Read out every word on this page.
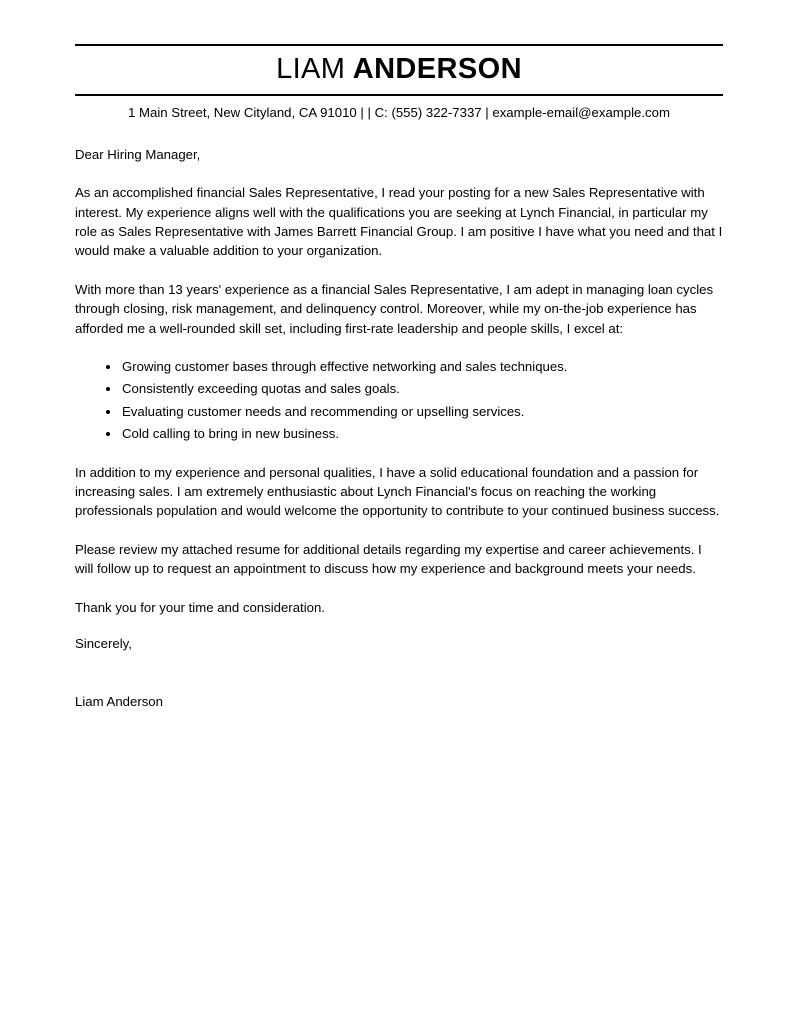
LIAM ANDERSON
1 Main Street, New Cityland, CA 91010 | | C: (555) 322-7337 | example-email@example.com

Dear Hiring Manager,

As an accomplished financial Sales Representative, I read your posting for a new Sales Representative with interest. My experience aligns well with the qualifications you are seeking at Lynch Financial, in particular my role as Sales Representative with James Barrett Financial Group. I am positive I have what you need and that I would make a valuable addition to your organization.

With more than 13 years' experience as a financial Sales Representative, I am adept in managing loan cycles through closing, risk management, and delinquency control. Moreover, while my on-the-job experience has afforded me a well-rounded skill set, including first-rate leadership and people skills, I excel at:

Growing customer bases through effective networking and sales techniques.
Consistently exceeding quotas and sales goals.
Evaluating customer needs and recommending or upselling services.
Cold calling to bring in new business.

In addition to my experience and personal qualities, I have a solid educational foundation and a passion for increasing sales. I am extremely enthusiastic about Lynch Financial's focus on reaching the working professionals population and would welcome the opportunity to contribute to your continued business success.

Please review my attached resume for additional details regarding my expertise and career achievements. I will follow up to request an appointment to discuss how my experience and background meets your needs.

Thank you for your time and consideration.

Sincerely,

Liam Anderson
